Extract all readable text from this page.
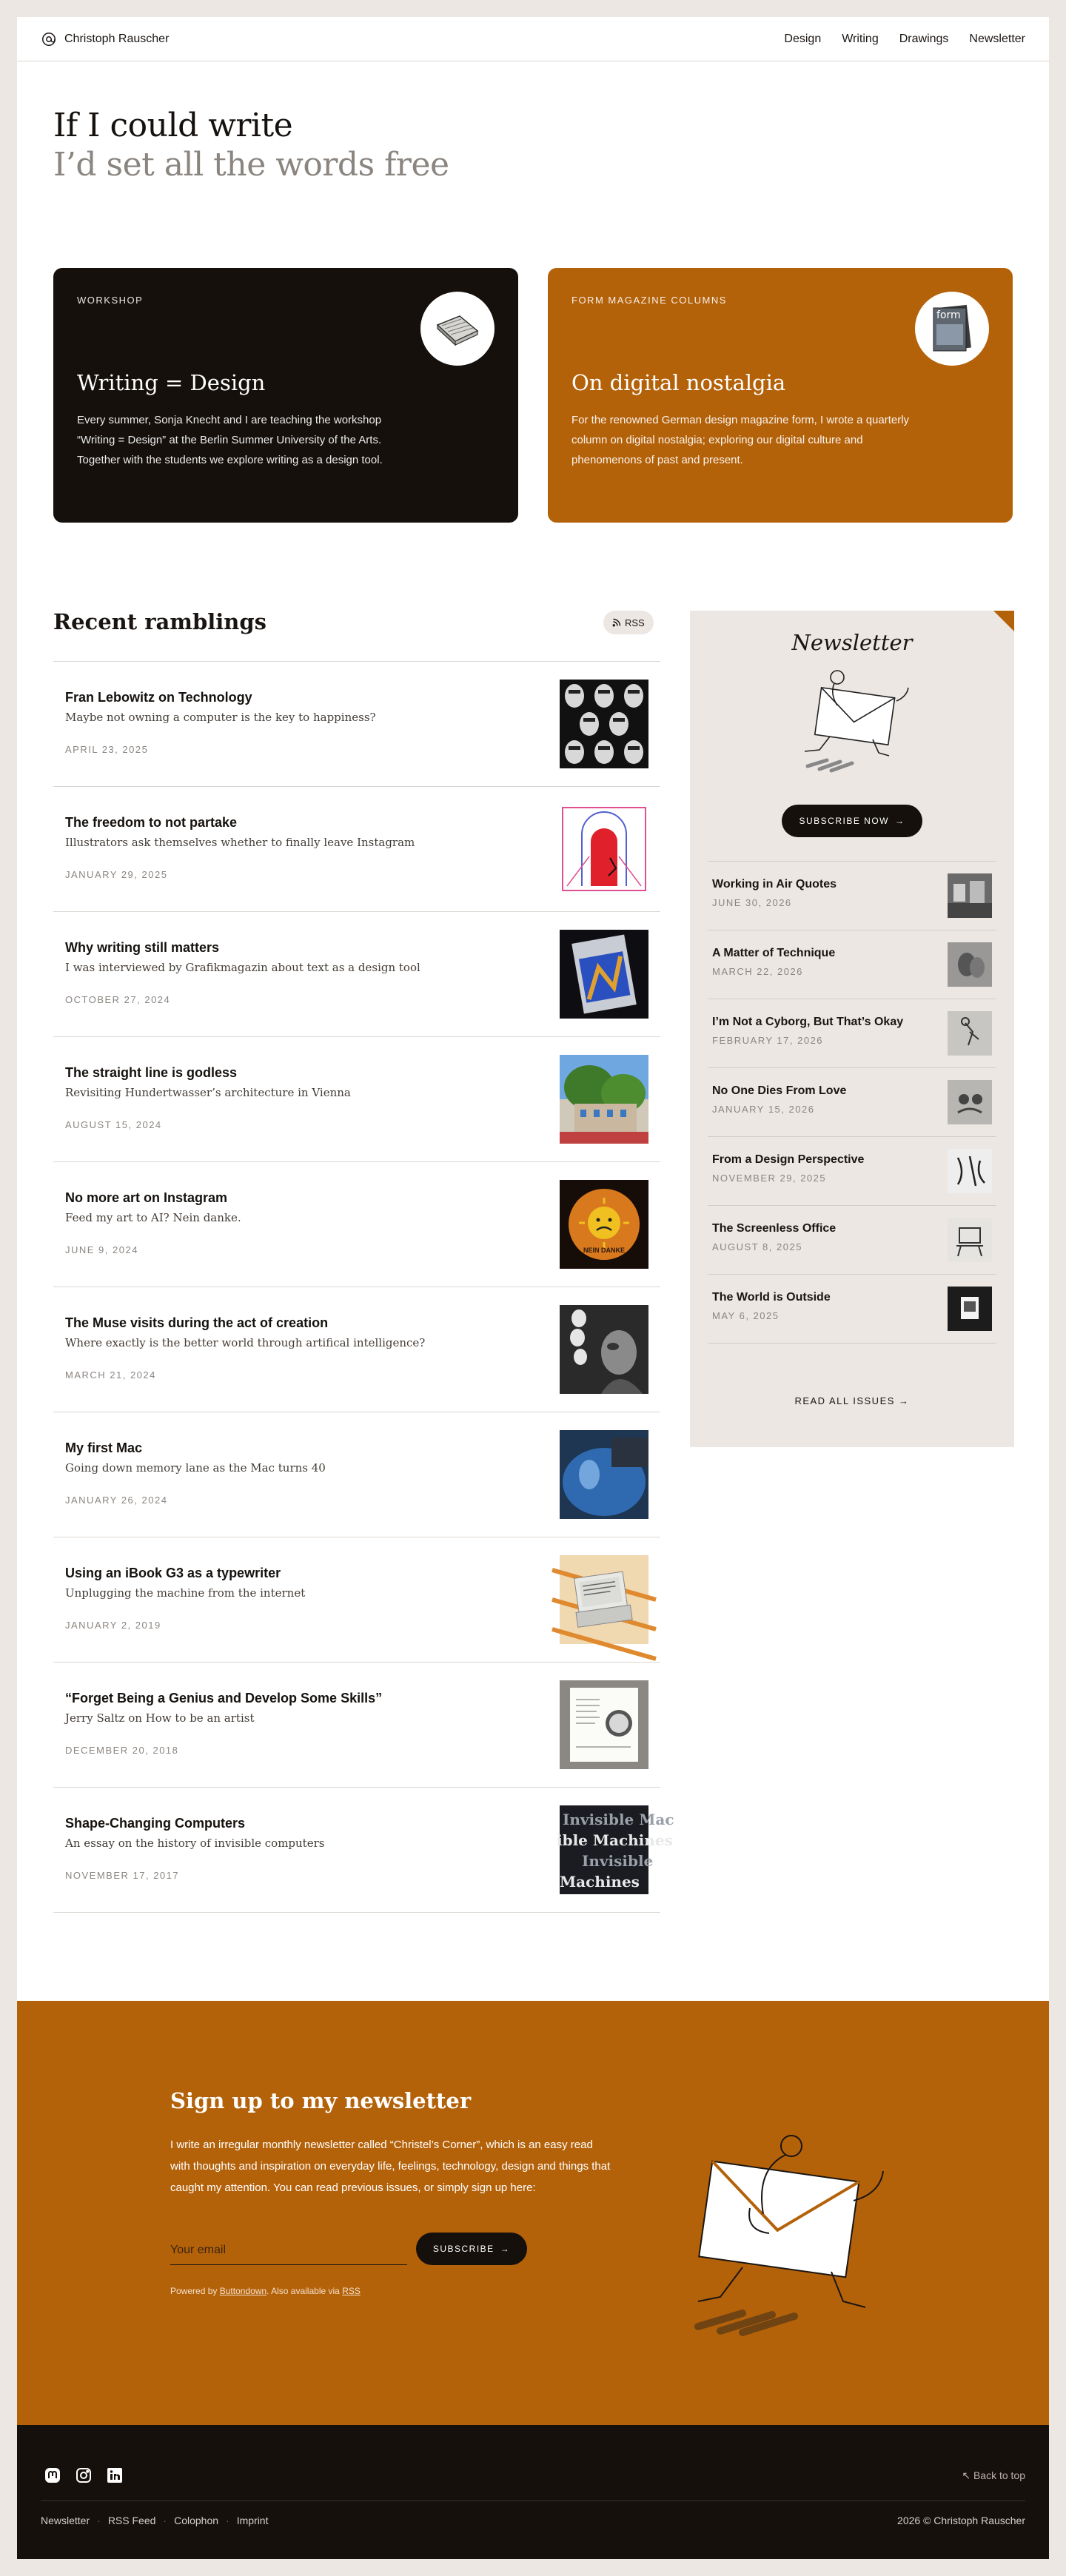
Christoph Rauscher	Design Writing Drawings Newsletter
If I could write
I’d set all the words free
WORKSHOP
Writing = Design
Every summer, Sonja Knecht and I are teaching the workshop “Writing = Design” at the Berlin Summer University of the Arts. Together with the students we explore writing as a design tool.
FORM MAGAZINE COLUMNS
form
On digital nostalgia
For the renowned German design magazine form, I wrote a quarterly column on digital nostalgia; exploring our digital culture and phenomenons of past and present.
Recent ramblings	RSS
Fran Lebowitz on Technology
Maybe not owning a computer is the key to happiness?
APRIL 23, 2025
The freedom to not partake
Illustrators ask themselves whether to finally leave Instagram
JANUARY 29, 2025
Why writing still matters
I was interviewed by Grafikmagazin about text as a design tool
OCTOBER 27, 2024
The straight line is godless
Revisiting Hundertwasser’s architecture in Vienna
AUGUST 15, 2024
No more art on Instagram
Feed my art to AI? Nein danke.
JUNE 9, 2024	NEIN DANKE
The Muse visits during the act of creation
Where exactly is the better world through artifical intelligence?
MARCH 21, 2024
My first Mac
Going down memory lane as the Mac turns 40
JANUARY 26, 2024
Using an iBook G3 as a typewriter
Unplugging the machine from the internet
JANUARY 2, 2019
“Forget Being a Genius and Develop Some Skills”
Jerry Saltz on How to be an artist
DECEMBER 20, 2018
Shape-Changing Computers
An essay on the history of invisible computers
NOVEMBER 17, 2017
Invisible Mac
ible Machines
Invisible
Machines
Newsletter
SUBSCRIBE NOW →
Working in Air Quotes
JUNE 30, 2026
A Matter of Technique
MARCH 22, 2026
I’m Not a Cyborg, But That’s Okay
FEBRUARY 17, 2026
No One Dies From Love
JANUARY 15, 2026
From a Design Perspective
NOVEMBER 29, 2025
The Screenless Office
AUGUST 8, 2025
The World is Outside
MAY 6, 2025
READ ALL ISSUES →
Sign up to my newsletter

I write an irregular monthly newsletter called “Christel’s Corner”, which is an easy read with thoughts and inspiration on everyday life, feelings, technology, design and things that caught my attention. You can read previous issues, or simply sign up here:

Your email
SUBSCRIBE →
Powered by Buttondown. Also available via RSS
↖ Back to top
Newsletter · RSS Feed · Colophon · Imprint	2026 © Christoph Rauscher
